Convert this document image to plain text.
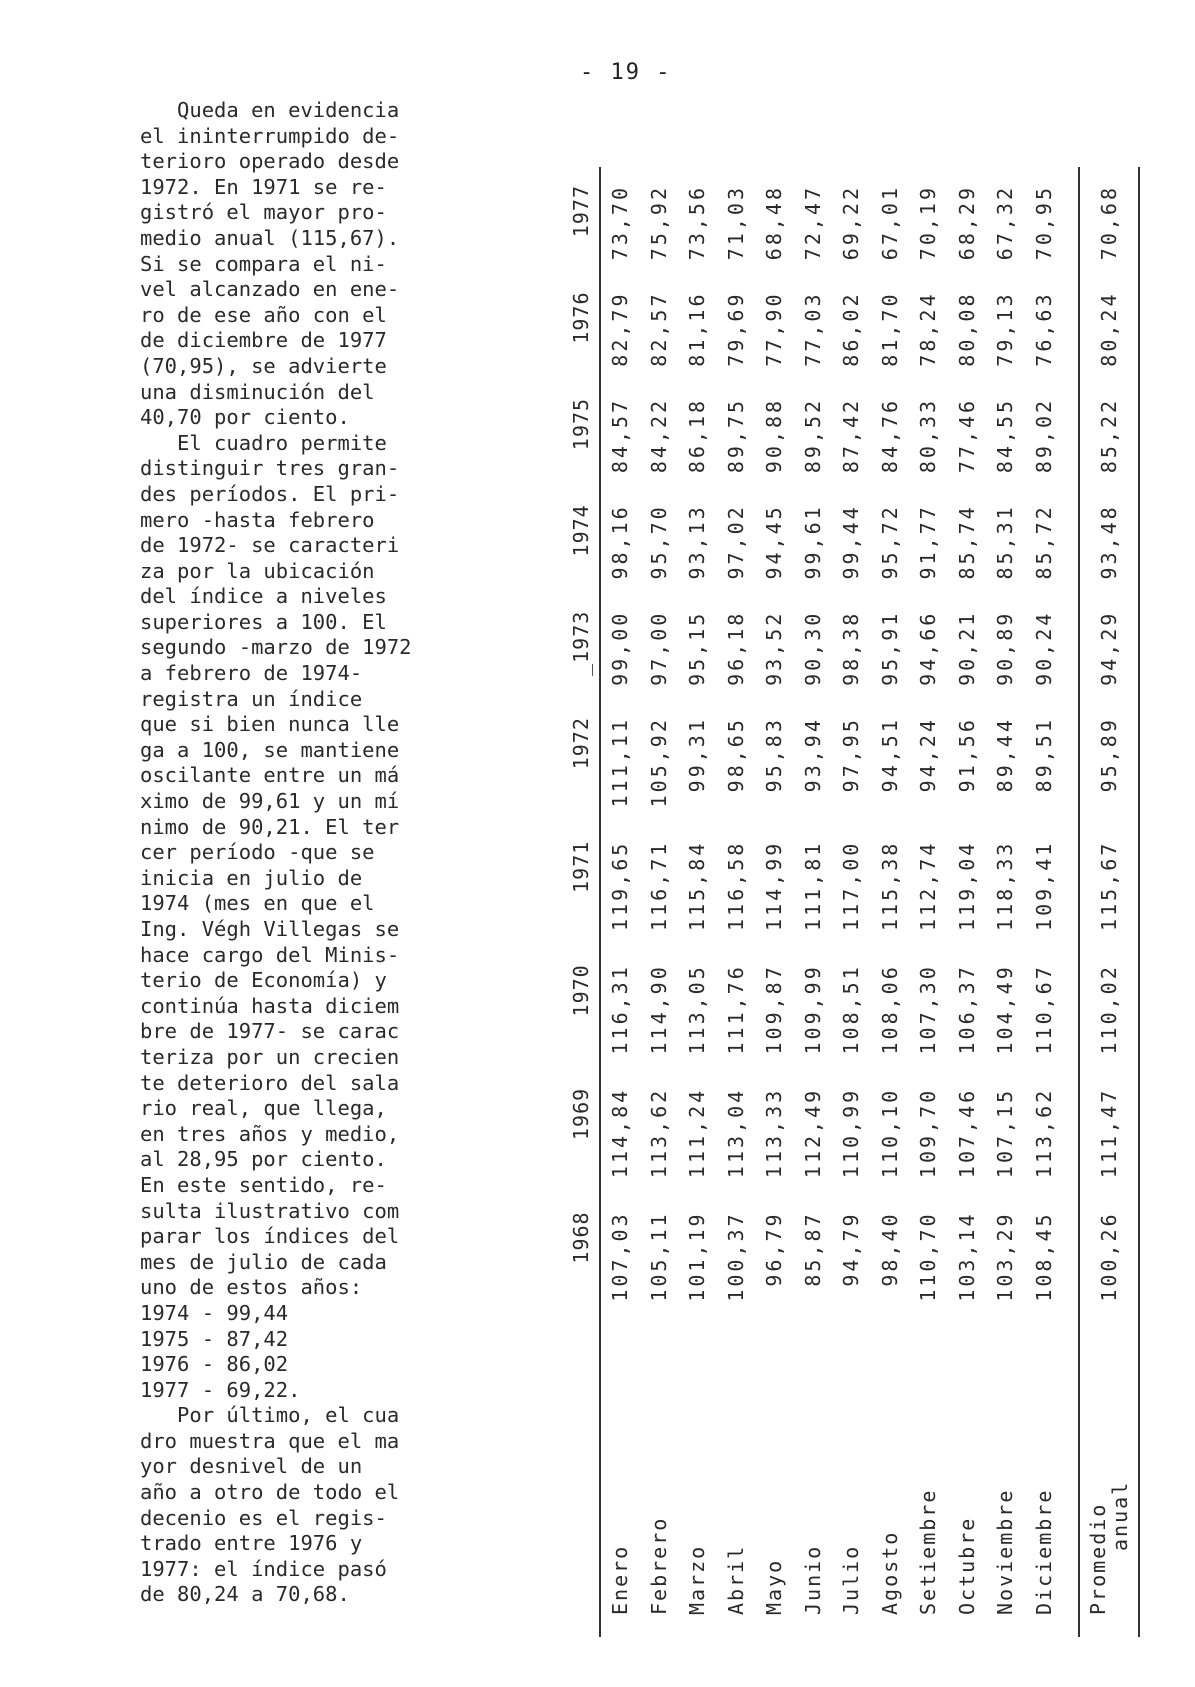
- 19 -
Queda en evidencia
el ininterrumpido de-
terioro operado desde
1972. En 1971 se re-
gistró el mayor pro-
medio anual (115,67).
Si se compara el ni-
vel alcanzado en ene-
ro de ese año con el
de diciembre de 1977
(70,95), se advierte
una disminución del
40,70 por ciento.
El cuadro permite
distinguir tres gran-
des períodos. El pri-
mero -hasta febrero
de 1972- se caracteri
za por la ubicación
del índice a niveles
superiores a 100. El
segundo -marzo de 1972
a febrero de 1974-
registra un índice
que si bien nunca lle
ga a 100, se mantiene
oscilante entre un má
ximo de 99,61 y un mí
nimo de 90,21. El ter
cer período -que se
inicia en julio de
1974 (mes en que el
Ing. Végh Villegas se
hace cargo del Minis-
terio de Economía) y
continúa hasta diciem
bre de 1977- se carac
teriza por un crecien
te deterioro del sala
rio real, que llega,
en tres años y medio,
al 28,95 por ciento.
En este sentido, re-
sulta ilustrativo com
parar los índices del
mes de julio de cada
uno de estos años:
1974 - 99,44
1975 - 87,42
1976 - 86,02
1977 - 69,22.
Por último, el cua
dro muestra que el ma
yor desnivel de un
año a otro de todo el
decenio es el regis-
trado entre 1976 y
1977: el índice pasó
de 80,24 a 70,68.
	1968	1969	1970	1971	1972	_1973	1974	1975	1976	1977
Enero	107,03	114,84	116,31	119,65	111,11	99,00	98,16	84,57	82,79	73,70
Febrero	105,11	113,62	114,90	116,71	105,92	97,00	95,70	84,22	82,57	75,92
Marzo	101,19	111,24	113,05	115,84	99,31	95,15	93,13	86,18	81,16	73,56
Abril	100,37	113,04	111,76	116,58	98,65	96,18	97,02	89,75	79,69	71,03
Mayo	96,79	113,33	109,87	114,99	95,83	93,52	94,45	90,88	77,90	68,48
Junio	85,87	112,49	109,99	111,81	93,94	90,30	99,61	89,52	77,03	72,47
Julio	94,79	110,99	108,51	117,00	97,95	98,38	99,44	87,42	86,02	69,22
Agosto	98,40	110,10	108,06	115,38	94,51	95,91	95,72	84,76	81,70	67,01
Setiembre	110,70	109,70	107,30	112,74	94,24	94,66	91,77	80,33	78,24	70,19
Octubre	103,14	107,46	106,37	119,04	91,56	90,21	85,74	77,46	80,08	68,29
Noviembre	103,29	107,15	104,49	118,33	89,44	90,89	85,31	84,55	79,13	67,32
Diciembre	108,45	113,62	110,67	109,41	89,51	90,24	85,72	89,02	76,63	70,95

Promedio
anual	100,26	111,47	110,02	115,67	95,89	94,29	93,48	85,22	80,24	70,68
